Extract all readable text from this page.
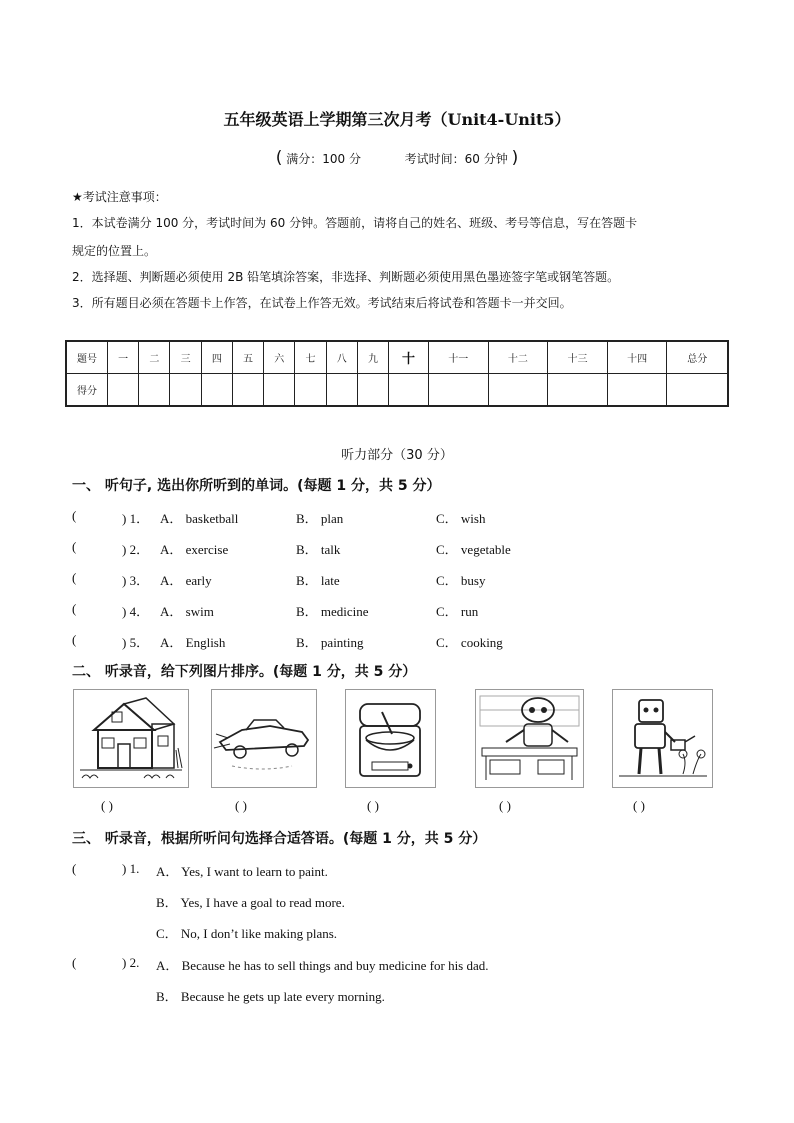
五年级英语上学期第三次月考（Unit4-Unit5）
( 满分：100 分	考试时间：60 分钟 )
★考试注意事项：
1．本试卷满分 100 分，考试时间为 60 分钟。答题前，请将自己的姓名、班级、考号等信息，写在答题卡
规定的位置上。
2．选择题、判断题必须使用 2B 铅笔填涂答案，非选择、判断题必须使用黑色墨迹签字笔或钢笔答题。
3．所有题目必须在答题卡上作答，在试卷上作答无效。考试结束后将试卷和答题卡一并交回。
题号	一	二	三	四	五	六	七	八	九	十	十一	十二	十三	十四	总分
得分															
听力部分（30 分）
一、 听句子, 选出你所听到的单词。(每题 1 分，共 5 分）
(	) 1． A． basketball	B． plan	C． wish
(	) 2． A． exercise	B． talk	C． vegetable
(	) 3． A． early	B． late	C． busy
(	) 4． A． swim	B． medicine	C． run
(	) 5． A． English	B． painting	C． cooking
二、 听录音，给下列图片排序。(每题 1 分，共 5 分）
( )	( )	( )	( )	( )
三、 听录音，根据所听问句选择合适答语。(每题 1 分，共 5 分）
(	) 1. A． Yes, I want to learn to paint.
B． Yes, I have a goal to read more.
C． No, I don’t like making plans.
(	) 2. A． Because he has to sell things and buy medicine for his dad.
B． Because he gets up late every morning.
